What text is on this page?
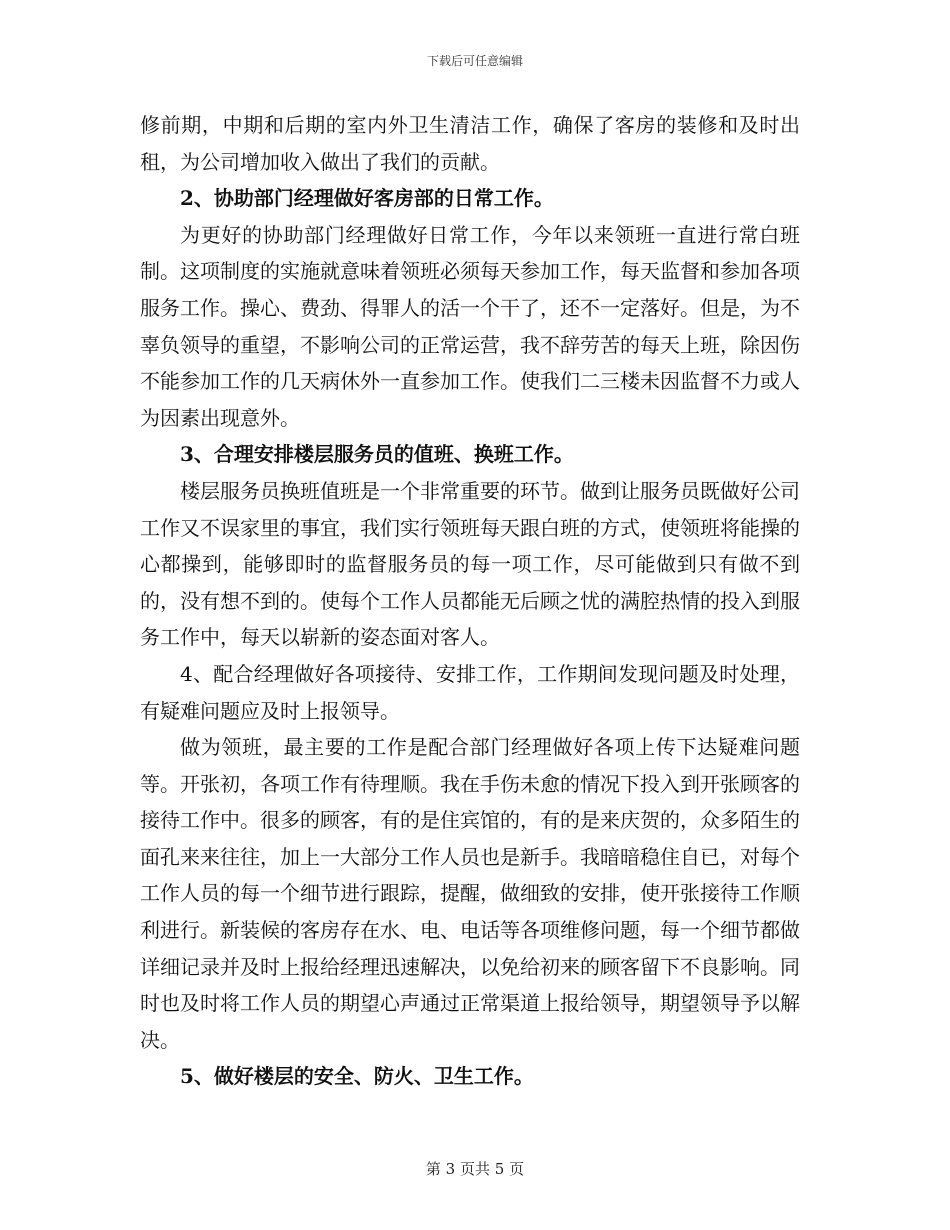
下载后可任意编辑

修前期，中期和后期的室内外卫生清洁工作，确保了客房的装修和及时出租，为公司增加收入做出了我们的贡献。

2、协助部门经理做好客房部的日常工作。

为更好的协助部门经理做好日常工作，今年以来领班一直进行常白班制。这项制度的实施就意味着领班必须每天参加工作，每天监督和参加各项服务工作。操心、费劲、得罪人的活一个干了，还不一定落好。但是，为不辜负领导的重望，不影响公司的正常运营，我不辞劳苦的每天上班，除因伤不能参加工作的几天病休外一直参加工作。使我们二三楼未因监督不力或人为因素出现意外。

3、合理安排楼层服务员的值班、换班工作。

楼层服务员换班值班是一个非常重要的环节。做到让服务员既做好公司工作又不误家里的事宜，我们实行领班每天跟白班的方式，使领班将能操的心都操到，能够即时的监督服务员的每一项工作，尽可能做到只有做不到的，没有想不到的。使每个工作人员都能无后顾之忧的满腔热情的投入到服务工作中，每天以崭新的姿态面对客人。

4、配合经理做好各项接待、安排工作，工作期间发现问题及时处理，有疑难问题应及时上报领导。

做为领班，最主要的工作是配合部门经理做好各项上传下达疑难问题等。开张初，各项工作有待理顺。我在手伤未愈的情况下投入到开张顾客的接待工作中。很多的顾客，有的是住宾馆的，有的是来庆贺的，众多陌生的面孔来来往往，加上一大部分工作人员也是新手。我暗暗稳住自已，对每个工作人员的每一个细节进行跟踪，提醒，做细致的安排，使开张接待工作顺利进行。新装候的客房存在水、电、电话等各项维修问题，每一个细节都做详细记录并及时上报给经理迅速解决，以免给初来的顾客留下不良影响。同时也及时将工作人员的期望心声通过正常渠道上报给领导，期望领导予以解决。

5、做好楼层的安全、防火、卫生工作。

第 3 页共 5 页
